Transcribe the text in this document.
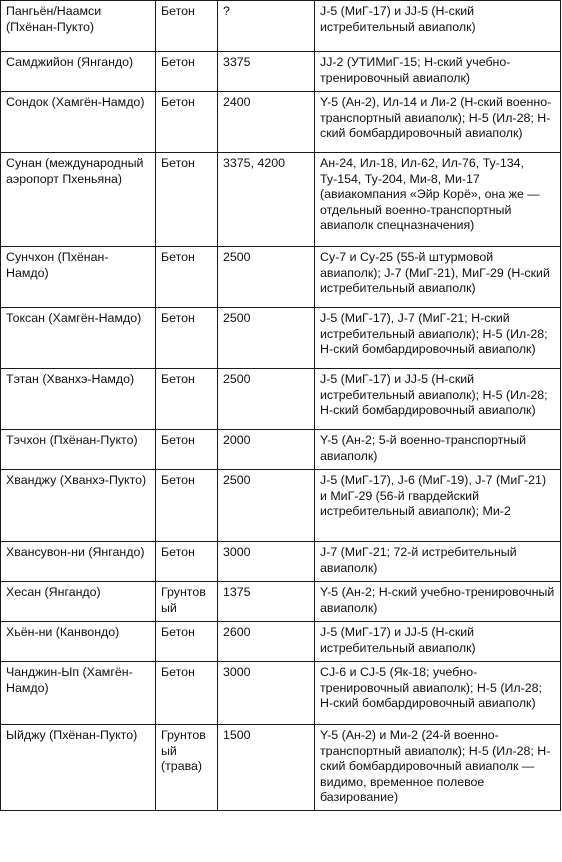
Пангьён/Наамси (Пхёнан-Пукто)	Бетон	?	J-5 (МиГ-17) и JJ-5 (Н-ский истребительный авиаполк)
Самджийон (Янгандо)	Бетон	3375	JJ-2 (УТИМиГ-15; Н-ский учебно-тренировочный авиаполк)
Сондок (Хамгён-Намдо)	Бетон	2400	Y-5 (Ан-2), Ил-14 и Ли-2 (Н-ский военно-транспортный авиаполк); Н-5 (Ил-28; Н-ский бомбардировочный авиаполк)
Сунан (международный аэропорт Пхеньяна)	Бетон	3375, 4200	Ан-24, Ил-18, Ил-62, Ил-76, Ту-134, Ту-154, Ту-204, Ми-8, Ми-17 (авиакомпания «Эйр Корё», она же — отдельный военно-транспортный авиаполк спецназначения)
Сунчхон (Пхёнан-Намдо)	Бетон	2500	Су-7 и Су-25 (55-й штурмовой авиаполк); J-7 (МиГ-21), МиГ-29 (Н-ский истребительный авиаполк)
Токсан (Хамгён-Намдо)	Бетон	2500	J-5 (МиГ-17), J-7 (МиГ-21; Н-ский истребительный авиаполк); Н-5 (Ил-28; Н-ский бомбардировочный авиаполк)
Тэтан (Хванхэ-Намдо)	Бетон	2500	J-5 (МиГ-17) и JJ-5 (Н-ский истребительный авиаполк); Н-5 (Ил-28; Н-ский бомбардировочный авиаполк)
Тэчхон (Пхёнан-Пукто)	Бетон	2000	Y-5 (Ан-2; 5-й военно-транспортный авиаполк)
Хванджу (Хванхэ-Пукто)	Бетон	2500	J-5 (МиГ-17), J-6 (МиГ-19), J-7 (МиГ-21) и МиГ-29 (56-й гвардейский истребительный авиаполк); Ми-2
Хвансувон-ни (Янгандо)	Бетон	3000	J-7 (МиГ-21; 72-й истребительный авиаполк)
Хесан (Янгандо)	Грунтовый	1375	Y-5 (Ан-2; Н-ский учебно-тренировочный авиаполк)
Хьён-ни (Канвондо)	Бетон	2600	J-5 (МиГ-17) и JJ-5 (Н-ский истребительный авиаполк)
Чанджин-Ып (Хамгён-Намдо)	Бетон	3000	CJ-6 и CJ-5 (Як-18; учебно-тренировочный авиаполк); Н-5 (Ил-28; Н-ский бомбардировочный авиаполк)
Ыйджу (Пхёнан-Пукто)	Грунтовый (трава)	1500	Y-5 (Ан-2) и Ми-2 (24-й военно-транспортный авиаполк); Н-5 (Ил-28; Н-ский бомбардировочный авиаполк — видимо, временное полевое базирование)
